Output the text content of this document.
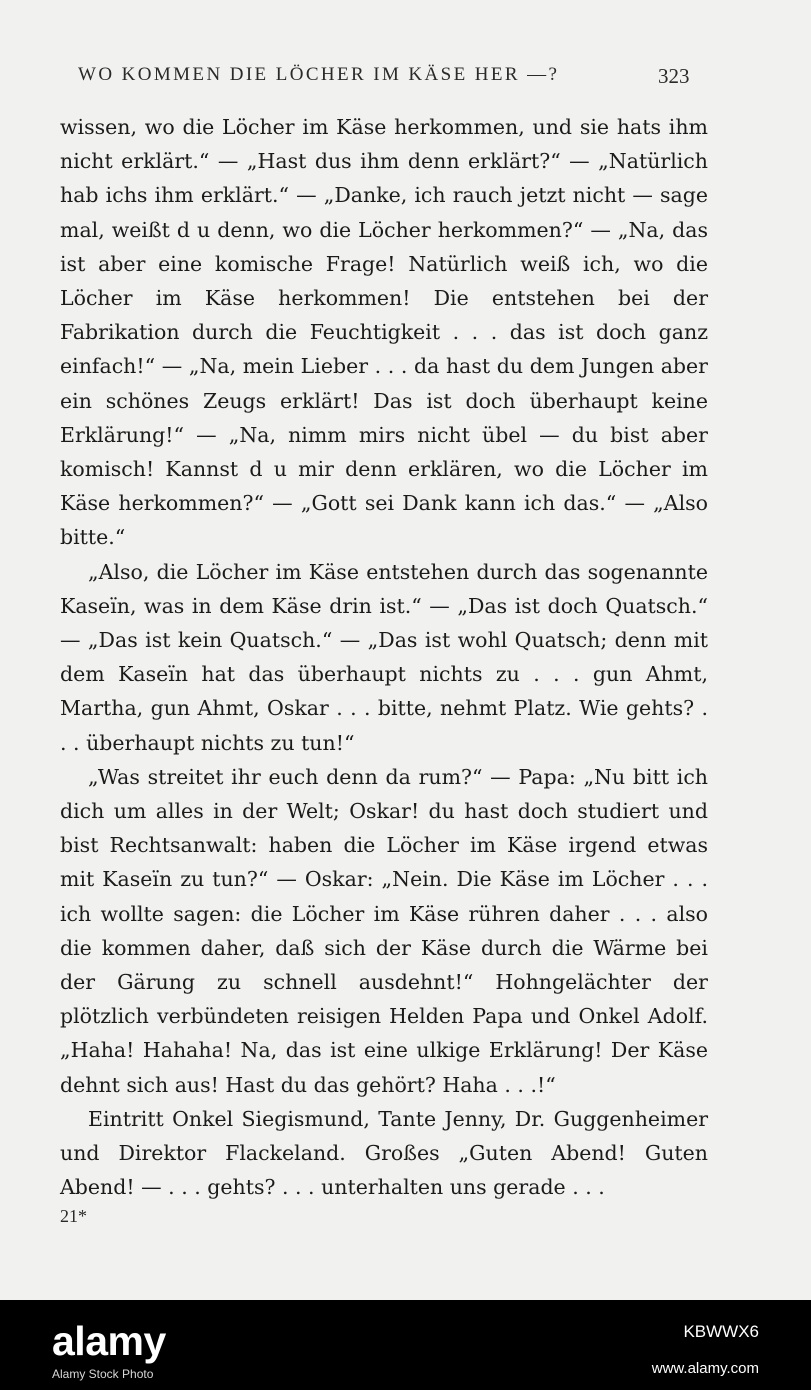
WO KOMMEN DIE LÖCHER IM KÄSE HER —?	323

wissen, wo die Löcher im Käse herkommen, und sie hats ihm nicht erklärt.“ — „Hast dus ihm denn erklärt?“ — „Natürlich hab ichs ihm erklärt.“ — „Danke, ich rauch jetzt nicht — sage mal, weißt d u denn, wo die Löcher herkommen?“ — „Na, das ist aber eine komische Frage! Natürlich weiß ich, wo die Löcher im Käse herkommen! Die entstehen bei der Fabrikation durch die Feuchtigkeit . . . das ist doch ganz einfach!“ — „Na, mein Lieber . . . da hast du dem Jungen aber ein schönes Zeugs erklärt! Das ist doch überhaupt keine Erklärung!“ — „Na, nimm mirs nicht übel — du bist aber komisch! Kannst d u mir denn erklären, wo die Löcher im Käse herkommen?“ — „Gott sei Dank kann ich das.“ — „Also bitte.“

„Also, die Löcher im Käse entstehen durch das sogenannte Kaseïn, was in dem Käse drin ist.“ — „Das ist doch Quatsch.“ — „Das ist kein Quatsch.“ — „Das ist wohl Quatsch; denn mit dem Kaseïn hat das überhaupt nichts zu . . . gun Ahmt, Martha, gun Ahmt, Oskar . . . bitte, nehmt Platz. Wie gehts? . . . überhaupt nichts zu tun!“

„Was streitet ihr euch denn da rum?“ — Papa: „Nu bitt ich dich um alles in der Welt; Oskar! du hast doch studiert und bist Rechtsanwalt: haben die Löcher im Käse irgend etwas mit Kaseïn zu tun?“ — Oskar: „Nein. Die Käse im Löcher . . . ich wollte sagen: die Löcher im Käse rühren daher . . . also die kommen daher, daß sich der Käse durch die Wärme bei der Gärung zu schnell ausdehnt!“ Hohngelächter der plötzlich verbündeten reisigen Helden Papa und Onkel Adolf. „Haha! Hahaha! Na, das ist eine ulkige Erklärung! Der Käse dehnt sich aus! Hast du das gehört? Haha . . .!“

Eintritt Onkel Siegismund, Tante Jenny, Dr. Guggenheimer und Direktor Flackeland. Großes „Guten Abend! Guten Abend! — . . . gehts? . . . unterhalten uns gerade . . .

21*
alamy
Alamy Stock Photo
KBWWX6
www.alamy.com
